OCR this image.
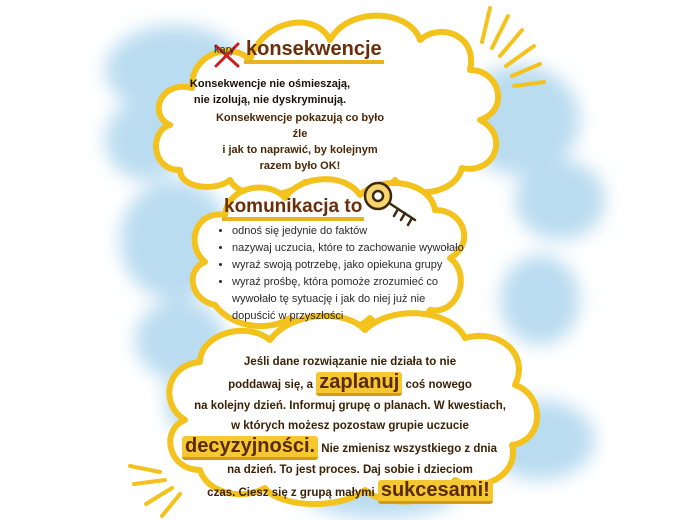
kary konsekwencje
Konsekwencje nie ośmieszają,
nie izolują, nie dyskryminują.
Konsekwencje pokazują co było źle
i jak to naprawić, by kolejnym
razem było OK!
komunikacja to
• odnoś się jedynie do faktów
• nazywaj uczucia, które to zachowanie wywołało
• wyraź swoją potrzebę, jako opiekuna grupy
• wyraź prośbę, która pomoże zrozumieć co wywołało tę sytuację i jak do niej już nie dopuścić w przyszłości
Jeśli dane rozwiązanie nie działa to nie
poddawaj się, a zaplanuj coś nowego
na kolejny dzień. Informuj grupę o planach. W kwestiach,
w których możesz pozostaw grupie uczucie
decyzyjności. Nie zmienisz wszystkiego z dnia
na dzień. To jest proces. Daj sobie i dzieciom
czas. Ciesz się z grupą małymi sukcesami!
